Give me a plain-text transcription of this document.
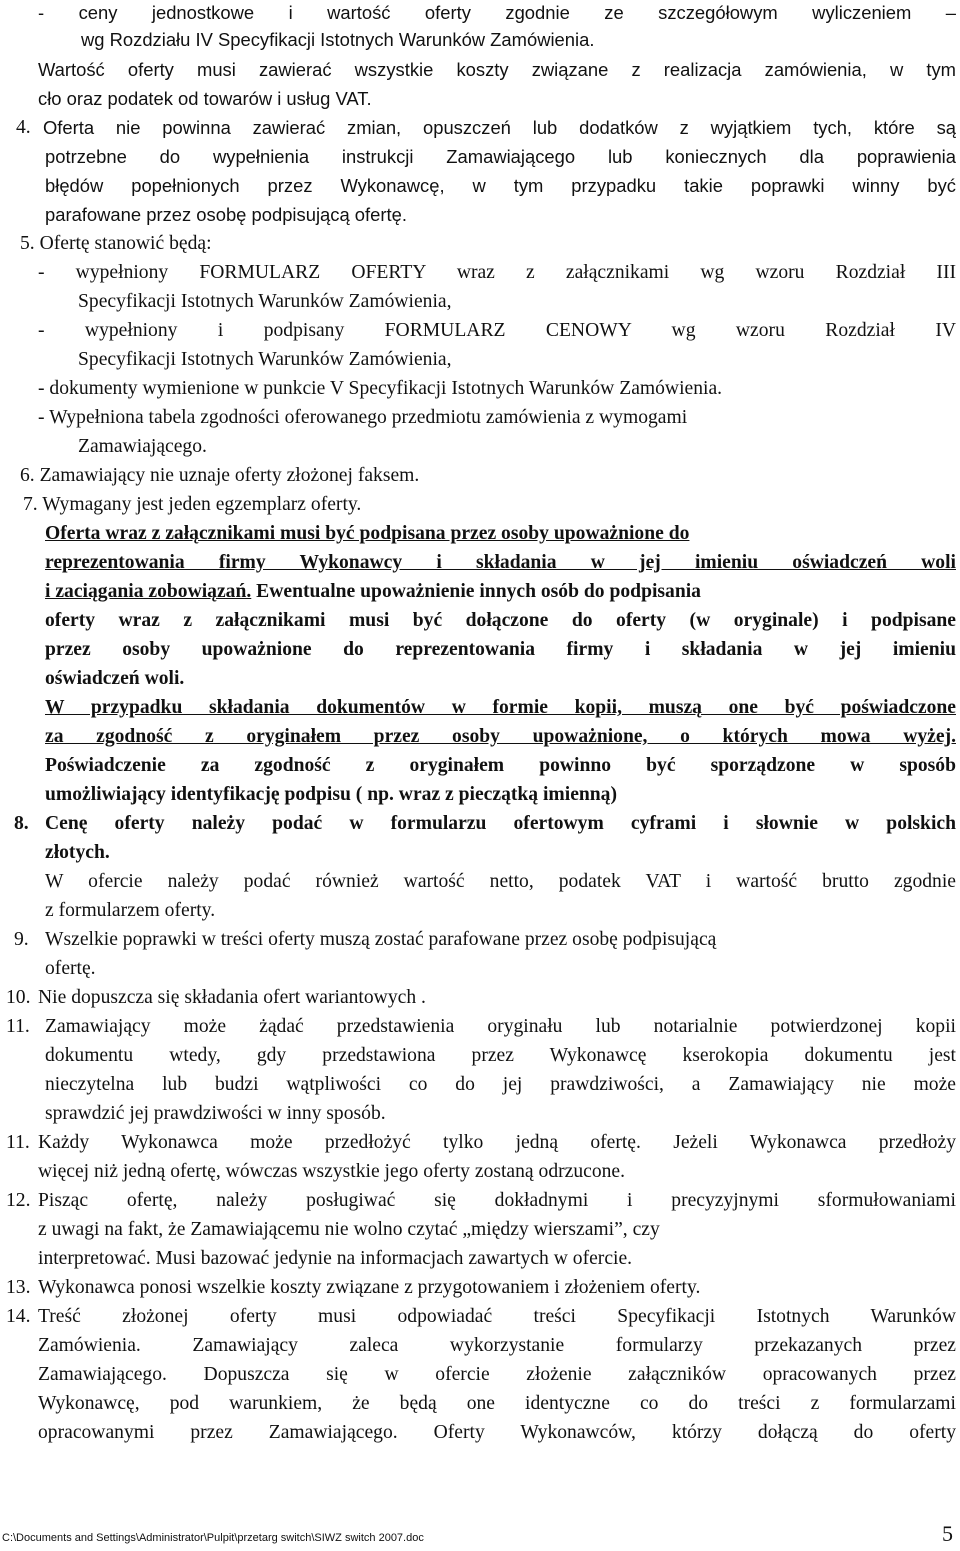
- ceny jednostkowe i wartość oferty zgodnie ze szczegółowym wyliczeniem –
wg Rozdziału IV Specyfikacji Istotnych Warunków Zamówienia.
Wartość oferty musi zawierać wszystkie koszty związane z realizacja zamówienia, w tym
cło oraz podatek od towarów i usług VAT.
4. Oferta nie powinna zawierać zmian, opuszczeń lub dodatków z wyjątkiem tych, które są
potrzebne do wypełnienia instrukcji Zamawiającego lub koniecznych dla poprawienia
błędów popełnionych przez Wykonawcę, w tym przypadku takie poprawki winny być
parafowane przez osobę podpisującą ofertę.
5. Ofertę stanowić będą:
- wypełniony FORMULARZ OFERTY wraz z załącznikami wg wzoru Rozdział III
Specyfikacji Istotnych Warunków Zamówienia,
- wypełniony i podpisany FORMULARZ CENOWY wg wzoru Rozdział IV
Specyfikacji Istotnych Warunków Zamówienia,
- dokumenty wymienione w punkcie V Specyfikacji Istotnych Warunków Zamówienia.
- Wypełniona tabela zgodności oferowanego przedmiotu zamówienia z wymogami
Zamawiającego.
6. Zamawiający nie uznaje oferty złożonej faksem.
7. Wymagany jest jeden egzemplarz oferty.
Oferta wraz z załącznikami musi być podpisana przez osoby upoważnione do
reprezentowania firmy Wykonawcy i składania w jej imieniu oświadczeń woli
i zaciągania zobowiązań. Ewentualne upoważnienie innych osób do podpisania
oferty wraz z załącznikami musi być dołączone do oferty (w oryginale) i podpisane
przez osoby upoważnione do reprezentowania firmy i składania w jej imieniu
oświadczeń woli.
W przypadku składania dokumentów w formie kopii, muszą one być poświadczone
za zgodność z oryginałem przez osoby upoważnione, o których mowa wyżej.
Poświadczenie za zgodność z oryginałem powinno być sporządzone w sposób
umożliwiający identyfikację podpisu ( np. wraz z pieczątką imienną)
8. Cenę oferty należy podać w formularzu ofertowym cyframi i słownie w polskich
złotych.
W ofercie należy podać również wartość netto, podatek VAT i wartość brutto zgodnie
z formularzem oferty.
9. Wszelkie poprawki w treści oferty muszą zostać parafowane przez osobę podpisującą
ofertę.
10. Nie dopuszcza się składania ofert wariantowych .
11. Zamawiający może żądać przedstawienia oryginału lub notarialnie potwierdzonej kopii
dokumentu wtedy, gdy przedstawiona przez Wykonawcę kserokopia dokumentu jest
nieczytelna lub budzi wątpliwości co do jej prawdziwości, a Zamawiający nie może
sprawdzić jej prawdziwości w inny sposób.
11. Każdy Wykonawca może przedłożyć tylko jedną ofertę. Jeżeli Wykonawca przedłoży
więcej niż jedną ofertę, wówczas wszystkie jego oferty zostaną odrzucone.
12. Pisząc ofertę, należy posługiwać się dokładnymi i precyzyjnymi sformułowaniami
z uwagi na fakt, że Zamawiającemu nie wolno czytać „między wierszami”, czy
interpretować. Musi bazować jedynie na informacjach zawartych w ofercie.
13. Wykonawca ponosi wszelkie koszty związane z przygotowaniem i złożeniem oferty.
14. Treść złożonej oferty musi odpowiadać treści Specyfikacji Istotnych Warunków
Zamówienia. Zamawiający zaleca wykorzystanie formularzy przekazanych przez
Zamawiającego. Dopuszcza się w ofercie złożenie załączników opracowanych przez
Wykonawcę, pod warunkiem, że będą one identyczne co do treści z formularzami
opracowanymi przez Zamawiającego. Oferty Wykonawców, którzy dołączą do oferty
C:\Documents and Settings\Administrator\Pulpit\przetarg switch\SIWZ switch 2007.doc	5
